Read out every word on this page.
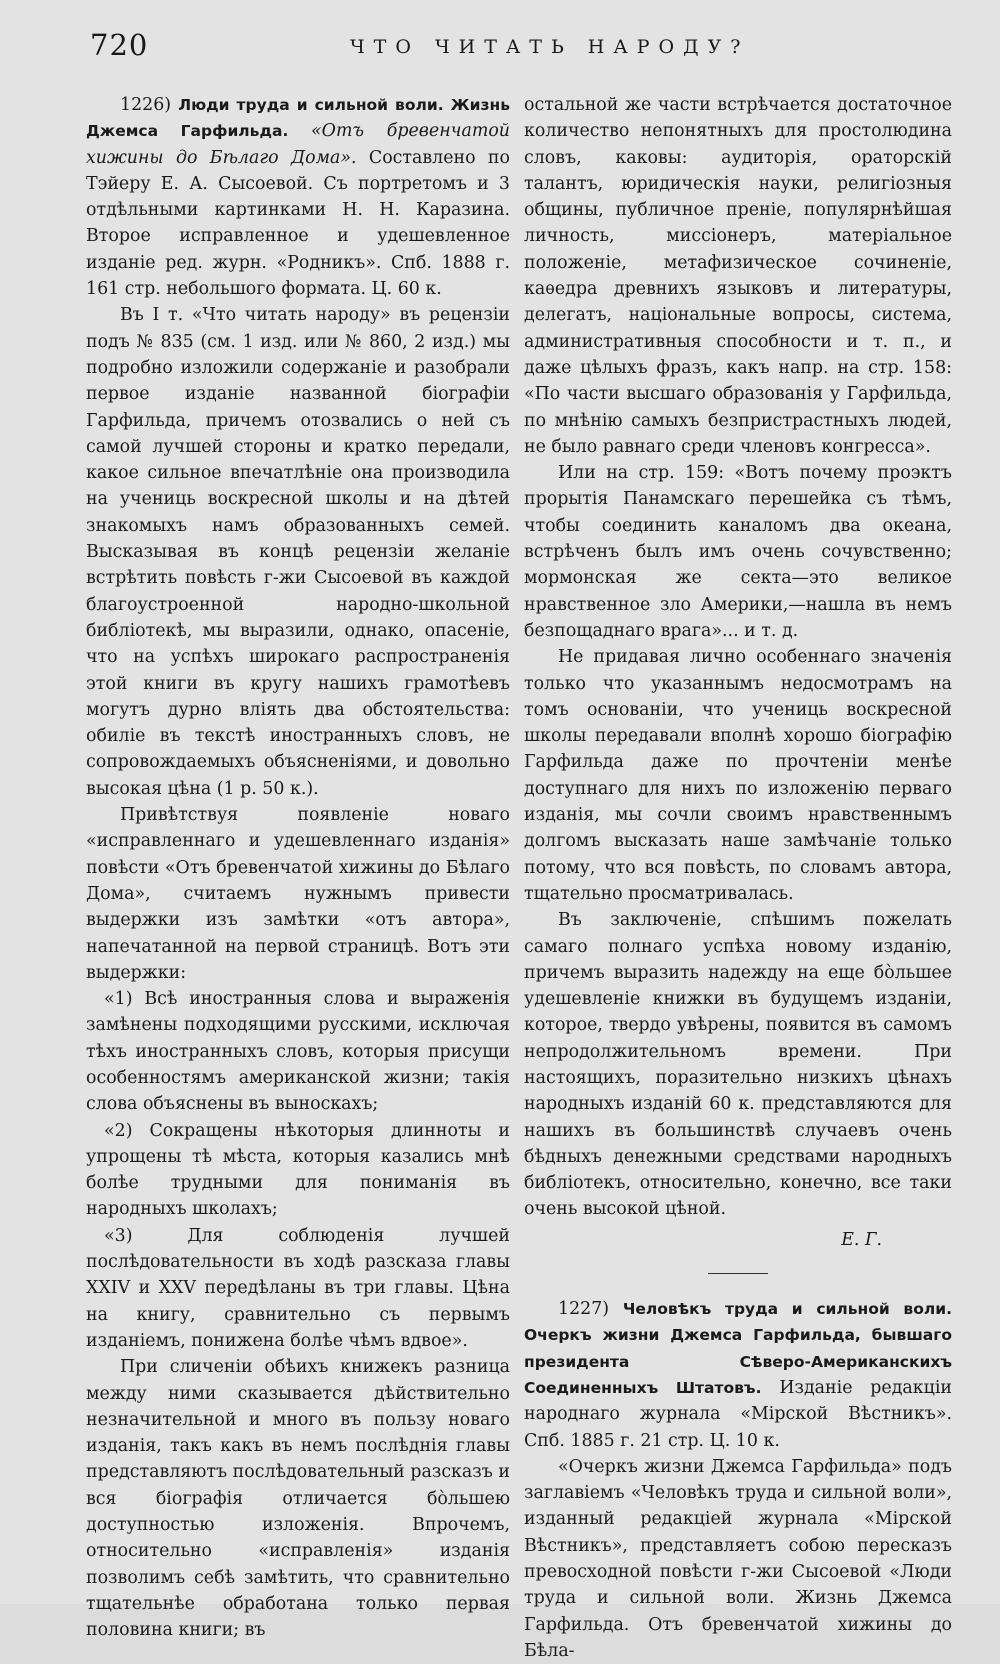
720	ЧТО ЧИТАТЬ НАРОДУ?

1226) Люди труда и сильной воли. Жизнь Джемса Гарфильда. «Отъ бревенчатой хижины до Бѣлаго Дома». Составлено по Тэйеру Е. А. Сысоевой. Съ портретомъ и 3 отдѣльными картинками Н. Н. Каразина. Второе исправленное и удешевленное изданіе ред. журн. «Родникъ». Спб. 1888 г. 161 стр. небольшого формата. Ц. 60 к.

Въ I т. «Что читать народу» въ рецензіи подъ № 835 (см. 1 изд. или № 860, 2 изд.) мы подробно изложили содержаніе и разобрали первое изданіе названной біографіи Гарфильда, причемъ отозвались о ней съ самой лучшей стороны и кратко передали, какое сильное впечатлѣніе она производила на учениць воскресной школы и на дѣтей знакомыхъ намъ образованныхъ семей. Высказывая въ концѣ рецензіи желаніе встрѣтить повѣсть г-жи Сысоевой въ каждой благоустроенной народно-школьной библіотекѣ, мы выразили, однако, опасеніе, что на успѣхъ широкаго распространенія этой книги въ кругу нашихъ грамотѣевъ могутъ дурно вліять два обстоятельства: обиліе въ текстѣ иностранныхъ словъ, не сопровождаемыхъ объясненіями, и довольно высокая цѣна (1 р. 50 к.).

Привѣтствуя появленіе новаго «исправленнаго и удешевленнаго изданія» повѣсти «Отъ бревенчатой хижины до Бѣлаго Дома», считаемъ нужнымъ привести выдержки изъ замѣтки «отъ автора», напечатанной на первой страницѣ. Вотъ эти выдержки:

«1) Всѣ иностранныя слова и выраженія замѣнены подходящими русскими, исключая тѣхъ иностранныхъ словъ, которыя присущи особенностямъ американской жизни; такія слова объяснены въ выноскахъ;

«2) Сокращены нѣкоторыя длинноты и упрощены тѣ мѣста, которыя казались мнѣ болѣе трудными для пониманія въ народныхъ школахъ;

«3) Для соблюденія лучшей послѣдовательности въ ходѣ разсказа главы XXIV и XXV передѣланы въ три главы. Цѣна на книгу, сравнительно съ первымъ изданіемъ, понижена болѣе чѣмъ вдвое».

При сличеніи обѣихъ книжекъ разница между ними сказывается дѣйствительно незначительной и много въ пользу новаго изданія, такъ какъ въ немъ послѣднія главы представляютъ послѣдовательный разсказъ и вся біографія отличается бо̀льшею доступностью изложенія. Впрочемъ, относительно «исправленія» изданія позволимъ себѣ замѣтить, что сравнительно тщательнѣе обработана только первая половина книги; въ

остальной же части встрѣчается достаточное количество непонятныхъ для простолюдина словъ, каковы: аудиторія, ораторскій талантъ, юридическія науки, религіозныя общины, публичное преніе, популярнѣйшая личность, миссіонеръ, матеріальное положеніе, метафизическое сочиненіе, каѳедра древнихъ языковъ и литературы, делегатъ, національные вопросы, система, административныя способности и т. п., и даже цѣлыхъ фразъ, какъ напр. на стр. 158: «По части высшаго образованія у Гарфильда, по мнѣнію самыхъ безпристрастныхъ людей, не было равнаго среди членовъ конгресса».

Или на стр. 159: «Вотъ почему проэктъ прорытія Панамскаго перешейка съ тѣмъ, чтобы соединить каналомъ два океана, встрѣченъ былъ имъ очень сочувственно; мормонская же секта—это великое нравственное зло Америки,—нашла въ немъ безпощаднаго врага»... и т. д.

Не придавая лично особеннаго значенія только что указаннымъ недосмотрамъ на томъ основаніи, что учениць воскресной школы передавали вполнѣ хорошо біографію Гарфильда даже по прочтеніи менѣе доступнаго для нихъ по изложенію перваго изданія, мы сочли своимъ нравственнымъ долгомъ высказать наше замѣчаніе только потому, что вся повѣсть, по словамъ автора, тщательно просматривалась.

Въ заключеніе, спѣшимъ пожелать самаго полнаго успѣха новому изданію, причемъ выразить надежду на еще бо̀льшее удешевленіе книжки въ будущемъ изданіи, которое, твердо увѣрены, появится въ самомъ непродолжительномъ времени. При настоящихъ, поразительно низкихъ цѣнахъ народныхъ изданій 60 к. представляются для нашихъ въ большинствѣ случаевъ очень бѣдныхъ денежными средствами народныхъ библіотекъ, относительно, конечно, все таки очень высокой цѣной.

Е. Г.

1227) Человѣкъ труда и сильной воли. Очеркъ жизни Джемса Гарфильда, бывшаго президента Сѣверо-Американскихъ Соединенныхъ Штатовъ. Изданіе редакціи народнаго журнала «Мірской Вѣстникъ». Спб. 1885 г. 21 стр. Ц. 10 к.

«Очеркъ жизни Джемса Гарфильда» подъ заглавіемъ «Человѣкъ труда и сильной воли», изданный редакціей журнала «Мірской Вѣстникъ», представляетъ собою пересказъ превосходной повѣсти г-жи Сысоевой «Люди труда и сильной воли. Жизнь Джемса Гарфильда. Отъ бревенчатой хижины до Бѣла-
